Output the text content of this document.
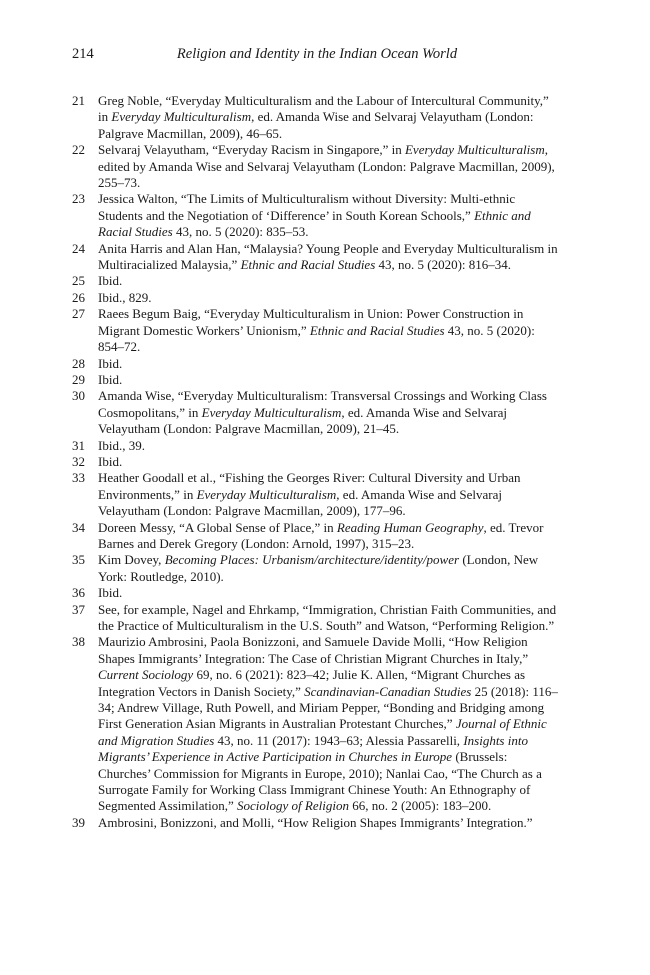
214	Religion and Identity in the Indian Ocean World
21	Greg Noble, “Everyday Multiculturalism and the Labour of Intercultural Community,” in Everyday Multiculturalism, ed. Amanda Wise and Selvaraj Velayutham (London: Palgrave Macmillan, 2009), 46–65.
22	Selvaraj Velayutham, “Everyday Racism in Singapore,” in Everyday Multiculturalism, edited by Amanda Wise and Selvaraj Velayutham (London: Palgrave Macmillan, 2009), 255–73.
23	Jessica Walton, “The Limits of Multiculturalism without Diversity: Multi-ethnic Students and the Negotiation of ‘Difference’ in South Korean Schools,” Ethnic and Racial Studies 43, no. 5 (2020): 835–53.
24	Anita Harris and Alan Han, “Malaysia? Young People and Everyday Multiculturalism in Multiracialized Malaysia,” Ethnic and Racial Studies 43, no. 5 (2020): 816–34.
25	Ibid.
26	Ibid., 829.
27	Raees Begum Baig, “Everyday Multiculturalism in Union: Power Construction in Migrant Domestic Workers’ Unionism,” Ethnic and Racial Studies 43, no. 5 (2020): 854–72.
28	Ibid.
29	Ibid.
30	Amanda Wise, “Everyday Multiculturalism: Transversal Crossings and Working Class Cosmopolitans,” in Everyday Multiculturalism, ed. Amanda Wise and Selvaraj Velayutham (London: Palgrave Macmillan, 2009), 21–45.
31	Ibid., 39.
32	Ibid.
33	Heather Goodall et al., “Fishing the Georges River: Cultural Diversity and Urban Environments,” in Everyday Multiculturalism, ed. Amanda Wise and Selvaraj Velayutham (London: Palgrave Macmillan, 2009), 177–96.
34	Doreen Messy, “A Global Sense of Place,” in Reading Human Geography, ed. Trevor Barnes and Derek Gregory (London: Arnold, 1997), 315–23.
35	Kim Dovey, Becoming Places: Urbanism/architecture/identity/power (London, New York: Routledge, 2010).
36	Ibid.
37	See, for example, Nagel and Ehrkamp, “Immigration, Christian Faith Communities, and the Practice of Multiculturalism in the U.S. South” and Watson, “Performing Religion.”
38	Maurizio Ambrosini, Paola Bonizzoni, and Samuele Davide Molli, “How Religion Shapes Immigrants’ Integration: The Case of Christian Migrant Churches in Italy,” Current Sociology 69, no. 6 (2021): 823–42; Julie K. Allen, “Migrant Churches as Integration Vectors in Danish Society,” Scandinavian-Canadian Studies 25 (2018): 116–34; Andrew Village, Ruth Powell, and Miriam Pepper, “Bonding and Bridging among First Generation Asian Migrants in Australian Protestant Churches,” Journal of Ethnic and Migration Studies 43, no. 11 (2017): 1943–63; Alessia Passarelli, Insights into Migrants’ Experience in Active Participation in Churches in Europe (Brussels: Churches’ Commission for Migrants in Europe, 2010); Nanlai Cao, “The Church as a Surrogate Family for Working Class Immigrant Chinese Youth: An Ethnography of Segmented Assimilation,” Sociology of Religion 66, no. 2 (2005): 183–200.
39	Ambrosini, Bonizzoni, and Molli, “How Religion Shapes Immigrants’ Integration.”
